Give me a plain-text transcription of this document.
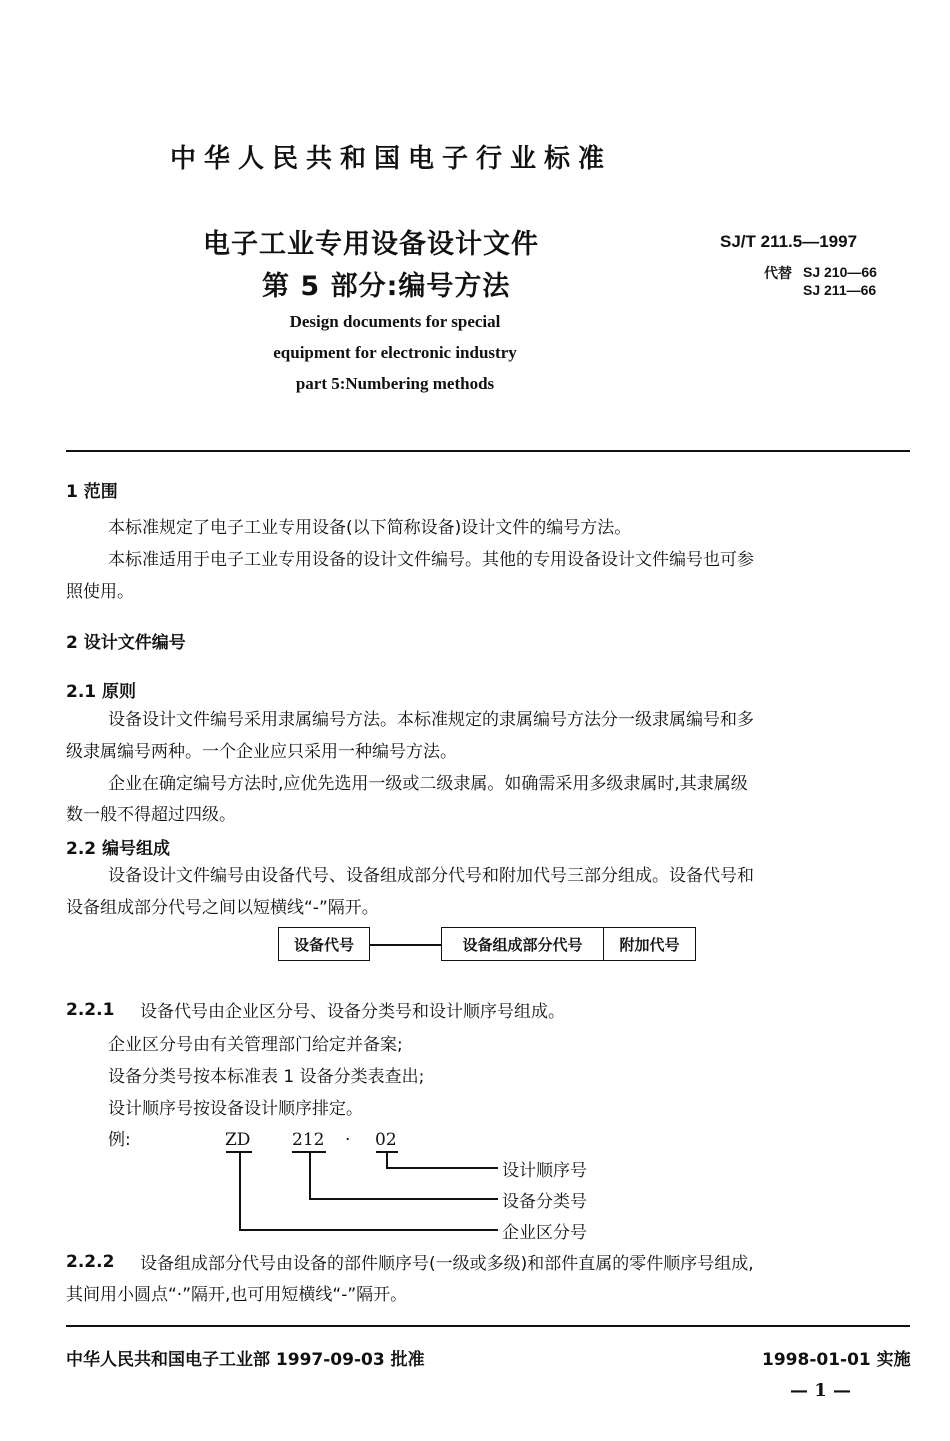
中华人民共和国电子行业标准
电子工业专用设备设计文件
第 5 部分:编号方法
Design documents for special
equipment for electronic industry
part 5:Numbering methods
SJ/T 211.5—1997
代替 SJ 210—66
SJ 211—66
1 范围
本标准规定了电子工业专用设备(以下简称设备)设计文件的编号方法。
本标准适用于电子工业专用设备的设计文件编号。其他的专用设备设计文件编号也可参
照使用。
2 设计文件编号
2.1 原则
设备设计文件编号采用隶属编号方法。本标准规定的隶属编号方法分一级隶属编号和多
级隶属编号两种。一个企业应只采用一种编号方法。
企业在确定编号方法时,应优先选用一级或二级隶属。如确需采用多级隶属时,其隶属级
数一般不得超过四级。
2.2 编号组成
设备设计文件编号由设备代号、设备组成部分代号和附加代号三部分组成。设备代号和
设备组成部分代号之间以短横线“-”隔开。
设备代号	设备组成部分代号	附加代号
2.2.1 设备代号由企业区分号、设备分类号和设计顺序号组成。
企业区分号由有关管理部门给定并备案;
设备分类号按本标准表 1 设备分类表查出;
设计顺序号按设备设计顺序排定。
例:	ZD 212 · 02
设计顺序号
设备分类号
企业区分号
2.2.2 设备组成部分代号由设备的部件顺序号(一级或多级)和部件直属的零件顺序号组成,
其间用小圆点“·”隔开,也可用短横线“-”隔开。
中华人民共和国电子工业部 1997-09-03 批准	1998-01-01 实施
— 1 —
